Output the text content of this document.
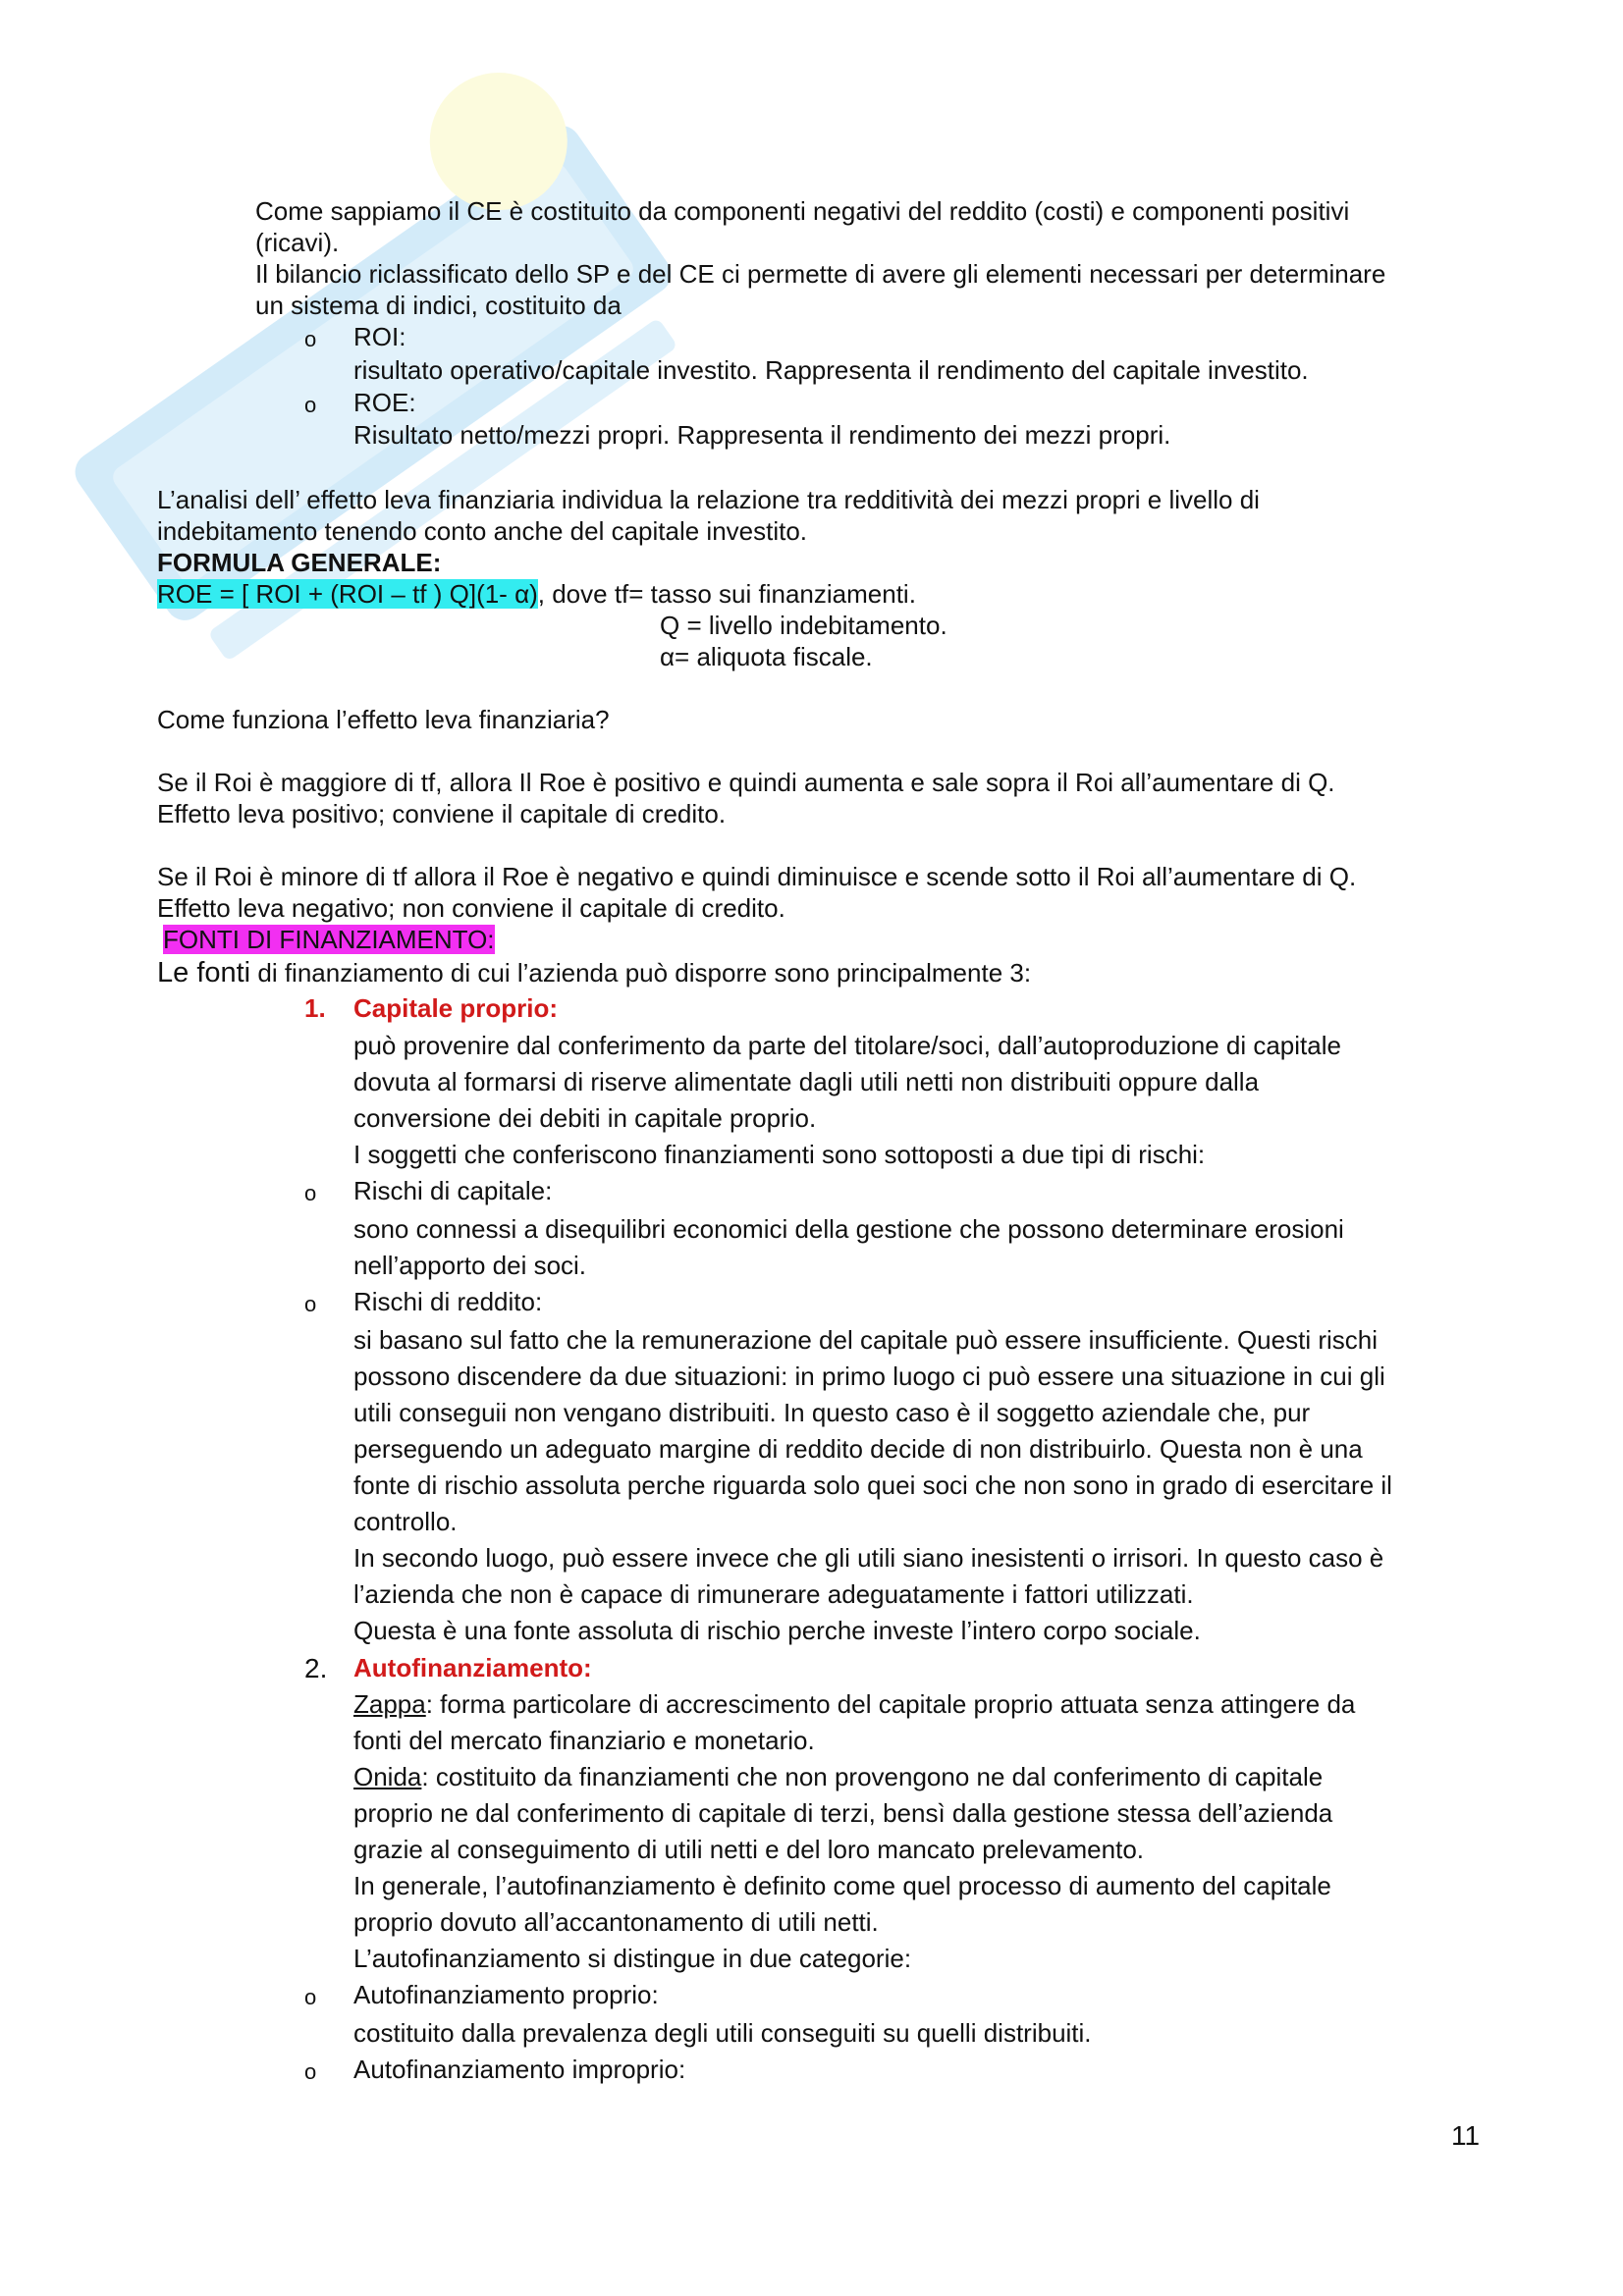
Come sappiamo il CE è costituito da componenti negativi del reddito (costi) e componenti positivi
(ricavi).
Il bilancio riclassificato dello SP e del CE ci permette di avere gli elementi necessari per determinare
un sistema di indici, costituito da
o ROI:
risultato operativo/capitale investito. Rappresenta il rendimento del capitale investito.
o ROE:
Risultato netto/mezzi propri. Rappresenta il rendimento dei mezzi propri.
L’analisi dell’ effetto leva finanziaria individua la relazione tra redditività dei mezzi propri e livello di
indebitamento tenendo conto anche del capitale investito.
FORMULA GENERALE:
ROE = [ ROI + (ROI – tf ) Q](1- α), dove tf= tasso sui finanziamenti.
Q = livello indebitamento.
α= aliquota fiscale.
Come funziona l’effetto leva finanziaria?
Se il Roi è maggiore di tf, allora Il Roe è positivo e quindi aumenta e sale sopra il Roi all’aumentare di Q.
Effetto leva positivo; conviene il capitale di credito.
Se il Roi è minore di tf allora il Roe è negativo e quindi diminuisce e scende sotto il Roi all’aumentare di Q.
Effetto leva negativo; non conviene il capitale di credito.
FONTI DI FINANZIAMENTO:
Le fonti di finanziamento di cui l’azienda può disporre sono principalmente 3:
1. Capitale proprio:
può provenire dal conferimento da parte del titolare/soci, dall’autoproduzione di capitale
dovuta al formarsi di riserve alimentate dagli utili netti non distribuiti oppure dalla
conversione dei debiti in capitale proprio.
I soggetti che conferiscono finanziamenti sono sottoposti a due tipi di rischi:
o Rischi di capitale:
sono connessi a disequilibri economici della gestione che possono determinare erosioni
nell’apporto dei soci.
o Rischi di reddito:
si basano sul fatto che la remunerazione del capitale può essere insufficiente. Questi rischi
possono discendere da due situazioni: in primo luogo ci può essere una situazione in cui gli
utili conseguii non vengano distribuiti. In questo caso è il soggetto aziendale che, pur
perseguendo un adeguato margine di reddito decide di non distribuirlo. Questa non è una
fonte di rischio assoluta perche riguarda solo quei soci che non sono in grado di esercitare il
controllo.
In secondo luogo, può essere invece che gli utili siano inesistenti o irrisori. In questo caso è
l’azienda che non è capace di rimunerare adeguatamente i fattori utilizzati.
Questa è una fonte assoluta di rischio perche investe l’intero corpo sociale.
2. Autofinanziamento:
Zappa: forma particolare di accrescimento del capitale proprio attuata senza attingere da
fonti del mercato finanziario e monetario.
Onida: costituito da finanziamenti che non provengono ne dal conferimento di capitale
proprio ne dal conferimento di capitale di terzi, bensì dalla gestione stessa dell’azienda
grazie al conseguimento di utili netti e del loro mancato prelevamento.
In generale, l’autofinanziamento è definito come quel processo di aumento del capitale
proprio dovuto all’accantonamento di utili netti.
L’autofinanziamento si distingue in due categorie:
o Autofinanziamento proprio:
costituito dalla prevalenza degli utili conseguiti su quelli distribuiti.
o Autofinanziamento improprio:
11
